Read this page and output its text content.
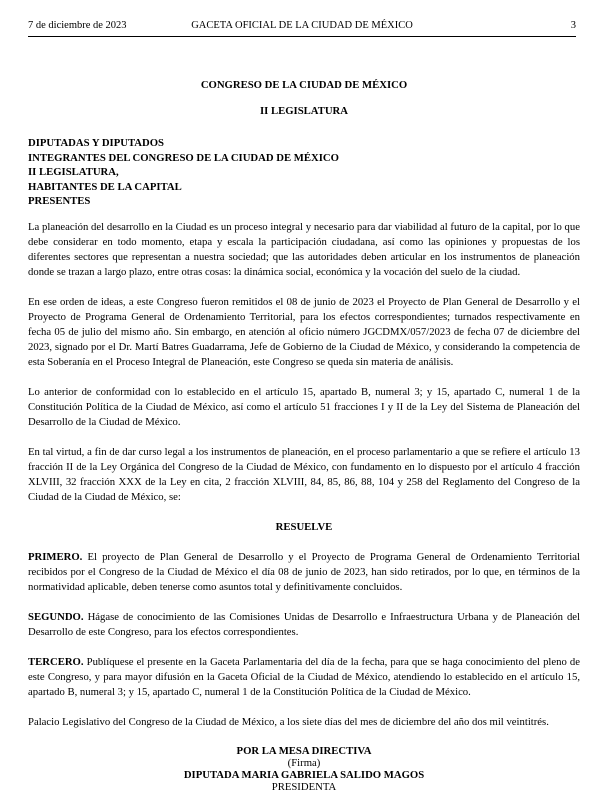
7 de diciembre de 2023	GACETA OFICIAL DE LA CIUDAD DE MÉXICO	3

CONGRESO DE LA CIUDAD DE MÉXICO

II LEGISLATURA

DIPUTADAS Y DIPUTADOS
INTEGRANTES DEL CONGRESO DE LA CIUDAD DE MÉXICO
II LEGISLATURA,
HABITANTES DE LA CAPITAL
PRESENTES

La planeación del desarrollo en la Ciudad es un proceso integral y necesario para dar viabilidad al futuro de la capital, por lo que debe considerar en todo momento, etapa y escala la participación ciudadana, así como las opiniones y propuestas de los diferentes sectores que representan a nuestra sociedad; que las autoridades deben articular en los instrumentos de planeación donde se trazan a largo plazo, entre otras cosas: la dinámica social, económica y la vocación del suelo de la ciudad.

En ese orden de ideas, a este Congreso fueron remitidos el 08 de junio de 2023 el Proyecto de Plan General de Desarrollo y el Proyecto de Programa General de Ordenamiento Territorial, para los efectos correspondientes; turnados respectivamente en fecha 05 de julio del mismo año. Sin embargo, en atención al oficio número JGCDMX/057/2023 de fecha 07 de diciembre del 2023, signado por el Dr. Martí Batres Guadarrama, Jefe de Gobierno de la Ciudad de México, y considerando la competencia de esta Soberanía en el Proceso Integral de Planeación, este Congreso se queda sin materia de análisis.

Lo anterior de conformidad con lo establecido en el artículo 15, apartado B, numeral 3; y 15, apartado C, numeral 1 de la Constitución Política de la Ciudad de México, así como el artículo 51 fracciones I y II de la Ley del Sistema de Planeación del Desarrollo de la Ciudad de México.

En tal virtud, a fin de dar curso legal a los instrumentos de planeación, en el proceso parlamentario a que se refiere el artículo 13 fracción II de la Ley Orgánica del Congreso de la Ciudad de México, con fundamento en lo dispuesto por el artículo 4 fracción XLVIII, 32 fracción XXX de la Ley en cita, 2 fracción XLVIII, 84, 85, 86, 88, 104 y 258 del Reglamento del Congreso de la Ciudad de la Ciudad de México, se:

RESUELVE

PRIMERO. El proyecto de Plan General de Desarrollo y el Proyecto de Programa General de Ordenamiento Territorial recibidos por el Congreso de la Ciudad de México el día 08 de junio de 2023, han sido retirados, por lo que, en términos de la normatividad aplicable, deben tenerse como asuntos total y definitivamente concluidos.

SEGUNDO. Hágase de conocimiento de las Comisiones Unidas de Desarrollo e Infraestructura Urbana y de Planeación del Desarrollo de este Congreso, para los efectos correspondientes.

TERCERO. Publíquese el presente en la Gaceta Parlamentaria del día de la fecha, para que se haga conocimiento del pleno de este Congreso, y para mayor difusión en la Gaceta Oficial de la Ciudad de México, atendiendo lo establecido en el artículo 15, apartado B, numeral 3; y 15, apartado C, numeral 1 de la Constitución Política de la Ciudad de México.

Palacio Legislativo del Congreso de la Ciudad de México, a los siete días del mes de diciembre del año dos mil veintitrés.

POR LA MESA DIRECTIVA
(Firma)
DIPUTADA MARIA GABRIELA SALIDO MAGOS
PRESIDENTA
